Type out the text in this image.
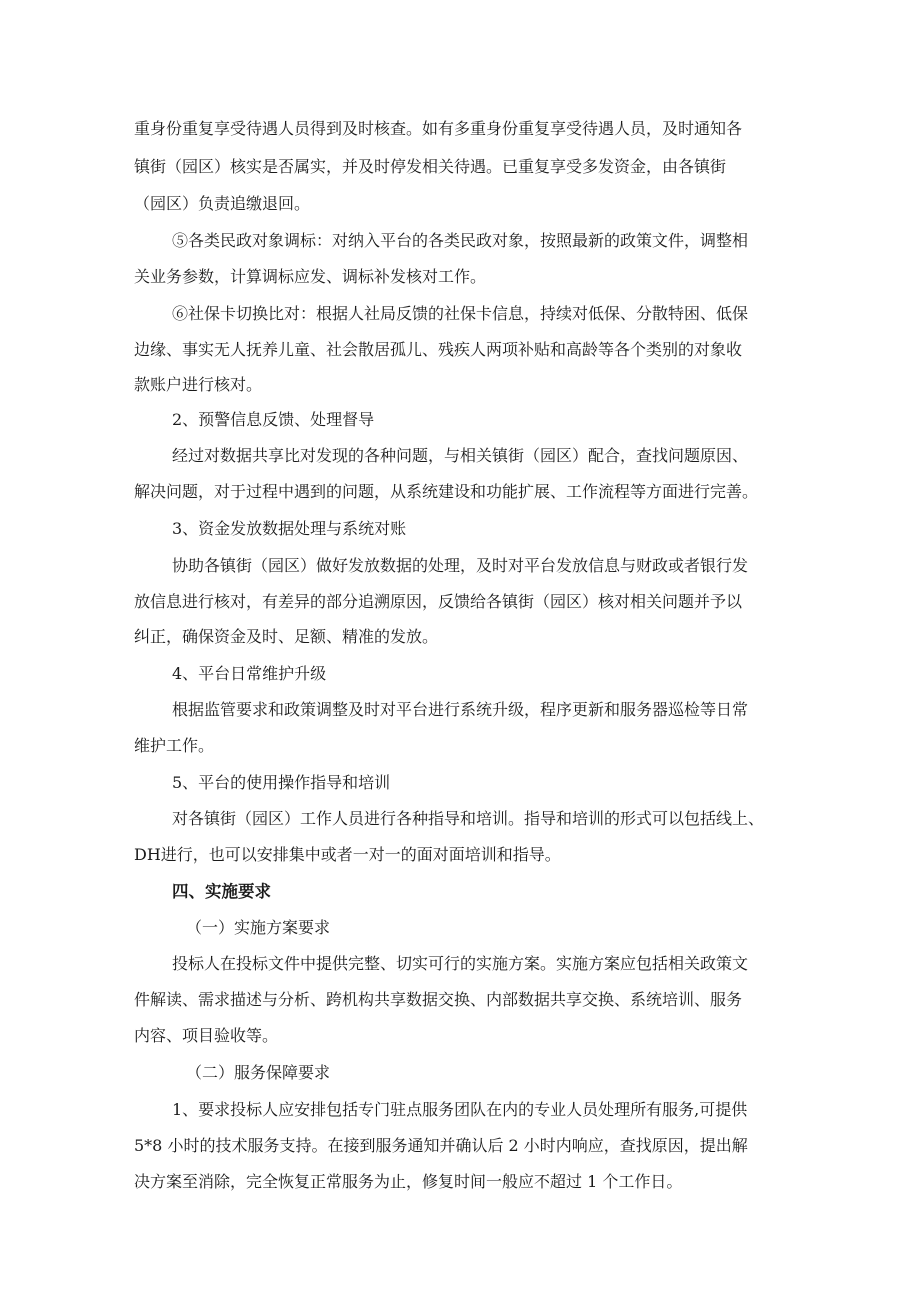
重身份重复享受待遇人员得到及时核查。如有多重身份重复享受待遇人员，及时通知各
镇街（园区）核实是否属实，并及时停发相关待遇。已重复享受多发资金，由各镇街
（园区）负责追缴退回。
⑤各类民政对象调标：对纳入平台的各类民政对象，按照最新的政策文件，调整相
关业务参数，计算调标应发、调标补发核对工作。
⑥社保卡切换比对：根据人社局反馈的社保卡信息，持续对低保、分散特困、低保
边缘、事实无人抚养儿童、社会散居孤儿、残疾人两项补贴和高龄等各个类别的对象收
款账户进行核对。
2、预警信息反馈、处理督导
经过对数据共享比对发现的各种问题，与相关镇街（园区）配合，查找问题原因、
解决问题，对于过程中遇到的问题，从系统建设和功能扩展、工作流程等方面进行完善。
3、资金发放数据处理与系统对账
协助各镇街（园区）做好发放数据的处理，及时对平台发放信息与财政或者银行发
放信息进行核对，有差异的部分追溯原因，反馈给各镇街（园区）核对相关问题并予以
纠正，确保资金及时、足额、精准的发放。
4、平台日常维护升级
根据监管要求和政策调整及时对平台进行系统升级，程序更新和服务器巡检等日常
维护工作。
5、平台的使用操作指导和培训
对各镇街（园区）工作人员进行各种指导和培训。指导和培训的形式可以包括线上、
DH进行，也可以安排集中或者一对一的面对面培训和指导。
四、实施要求
（一）实施方案要求
投标人在投标文件中提供完整、切实可行的实施方案。实施方案应包括相关政策文
件解读、需求描述与分析、跨机构共享数据交换、内部数据共享交换、系统培训、服务
内容、项目验收等。
（二）服务保障要求
1、要求投标人应安排包括专门驻点服务团队在内的专业人员处理所有服务,可提供
5*8 小时的技术服务支持。在接到服务通知并确认后 2 小时内响应，查找原因，提出解
决方案至消除，完全恢复正常服务为止，修复时间一般应不超过 1 个工作日。
